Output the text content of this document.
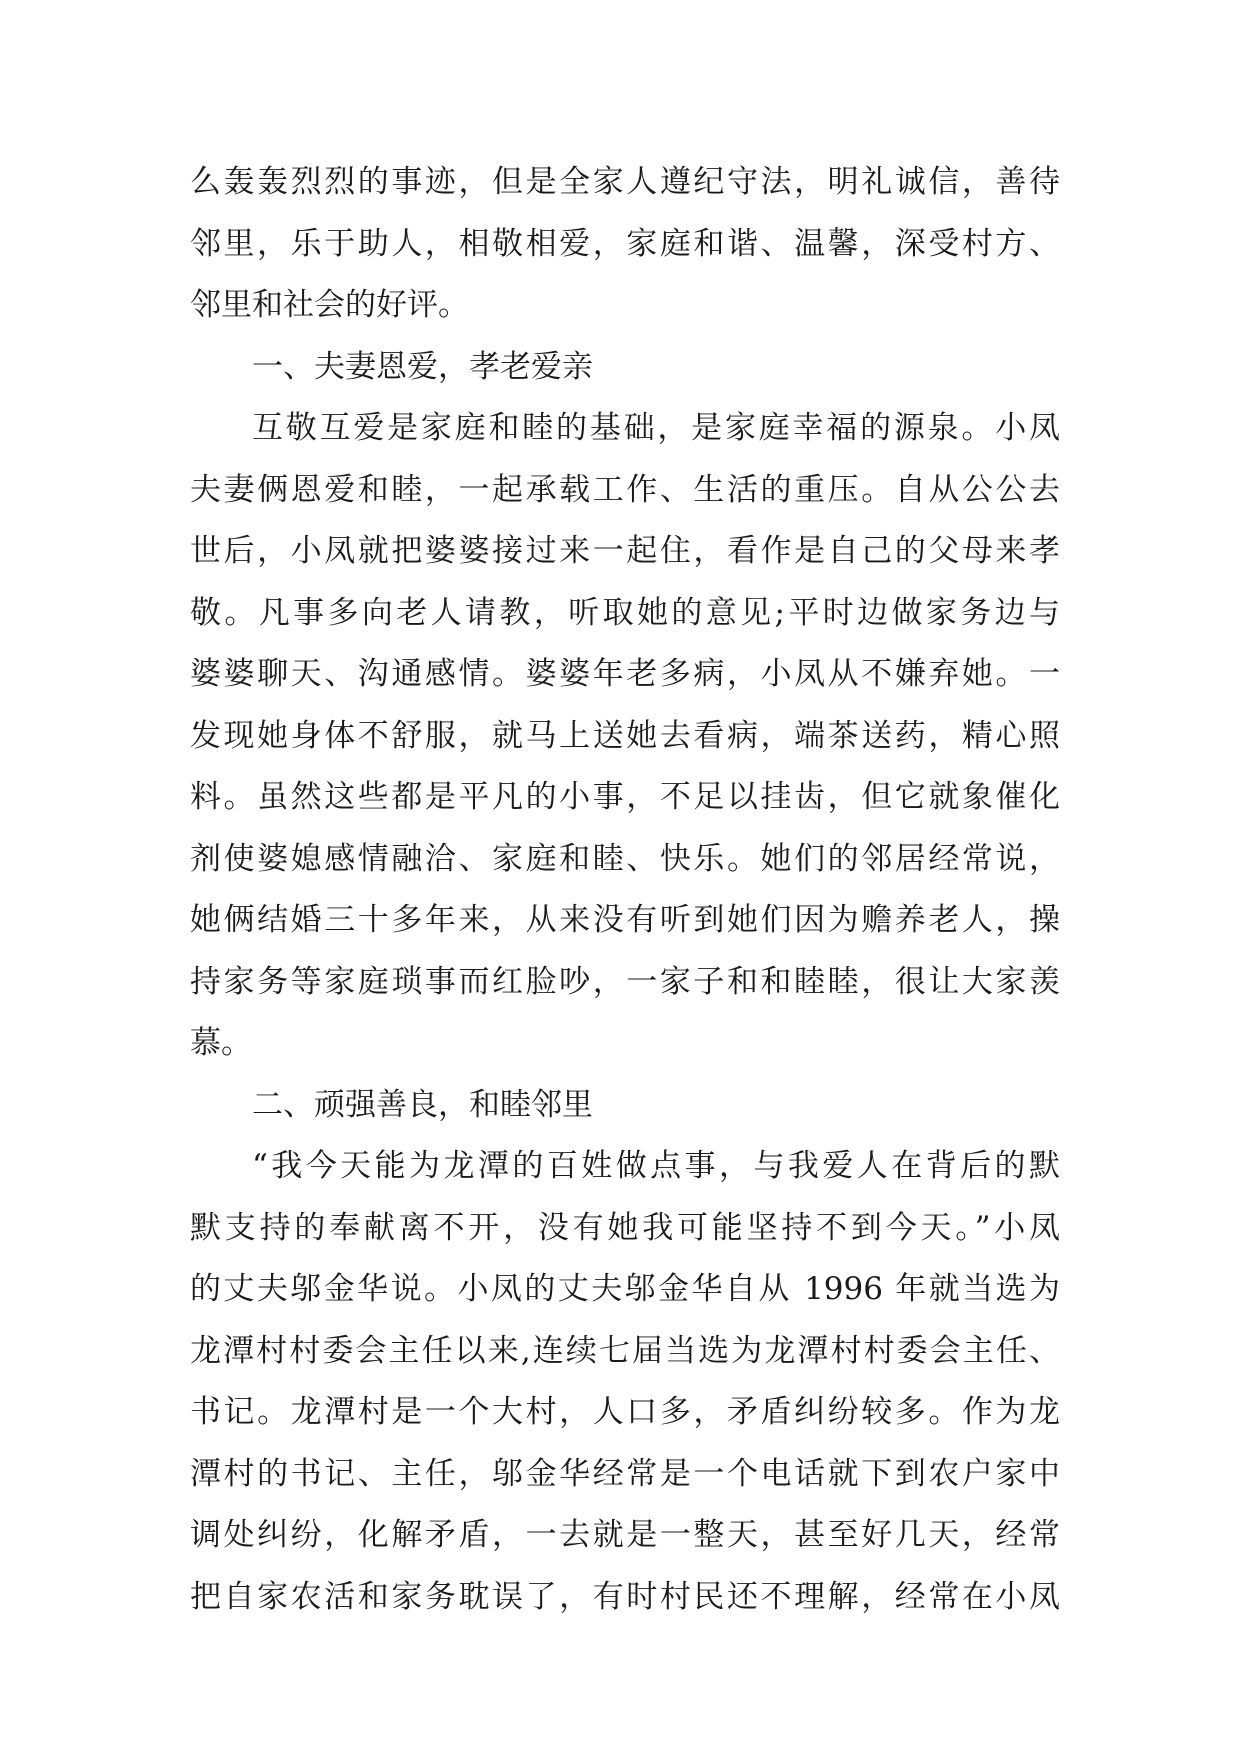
么轰轰烈烈的事迹，但是全家人遵纪守法，明礼诚信，善待
邻里，乐于助人，相敬相爱，家庭和谐、温馨，深受村方、
邻里和社会的好评。
一、夫妻恩爱，孝老爱亲
互敬互爱是家庭和睦的基础，是家庭幸福的源泉。小凤
夫妻俩恩爱和睦，一起承载工作、生活的重压。自从公公去
世后，小凤就把婆婆接过来一起住，看作是自己的父母来孝
敬。凡事多向老人请教，听取她的意见;平时边做家务边与
婆婆聊天、沟通感情。婆婆年老多病，小凤从不嫌弃她。一
发现她身体不舒服，就马上送她去看病，端茶送药，精心照
料。虽然这些都是平凡的小事，不足以挂齿，但它就象催化
剂使婆媳感情融洽、家庭和睦、快乐。她们的邻居经常说，
她俩结婚三十多年来，从来没有听到她们因为赡养老人，操
持家务等家庭琐事而红脸吵，一家子和和睦睦，很让大家羡
慕。
二、顽强善良，和睦邻里
“我今天能为龙潭的百姓做点事，与我爱人在背后的默
默支持的奉献离不开，没有她我可能坚持不到今天。”小凤
的丈夫邬金华说。小凤的丈夫邬金华自从 1996 年就当选为
龙潭村村委会主任以来,连续七届当选为龙潭村村委会主任、
书记。龙潭村是一个大村，人口多，矛盾纠纷较多。作为龙
潭村的书记、主任，邬金华经常是一个电话就下到农户家中
调处纠纷，化解矛盾，一去就是一整天，甚至好几天，经常
把自家农活和家务耽误了，有时村民还不理解，经常在小凤
